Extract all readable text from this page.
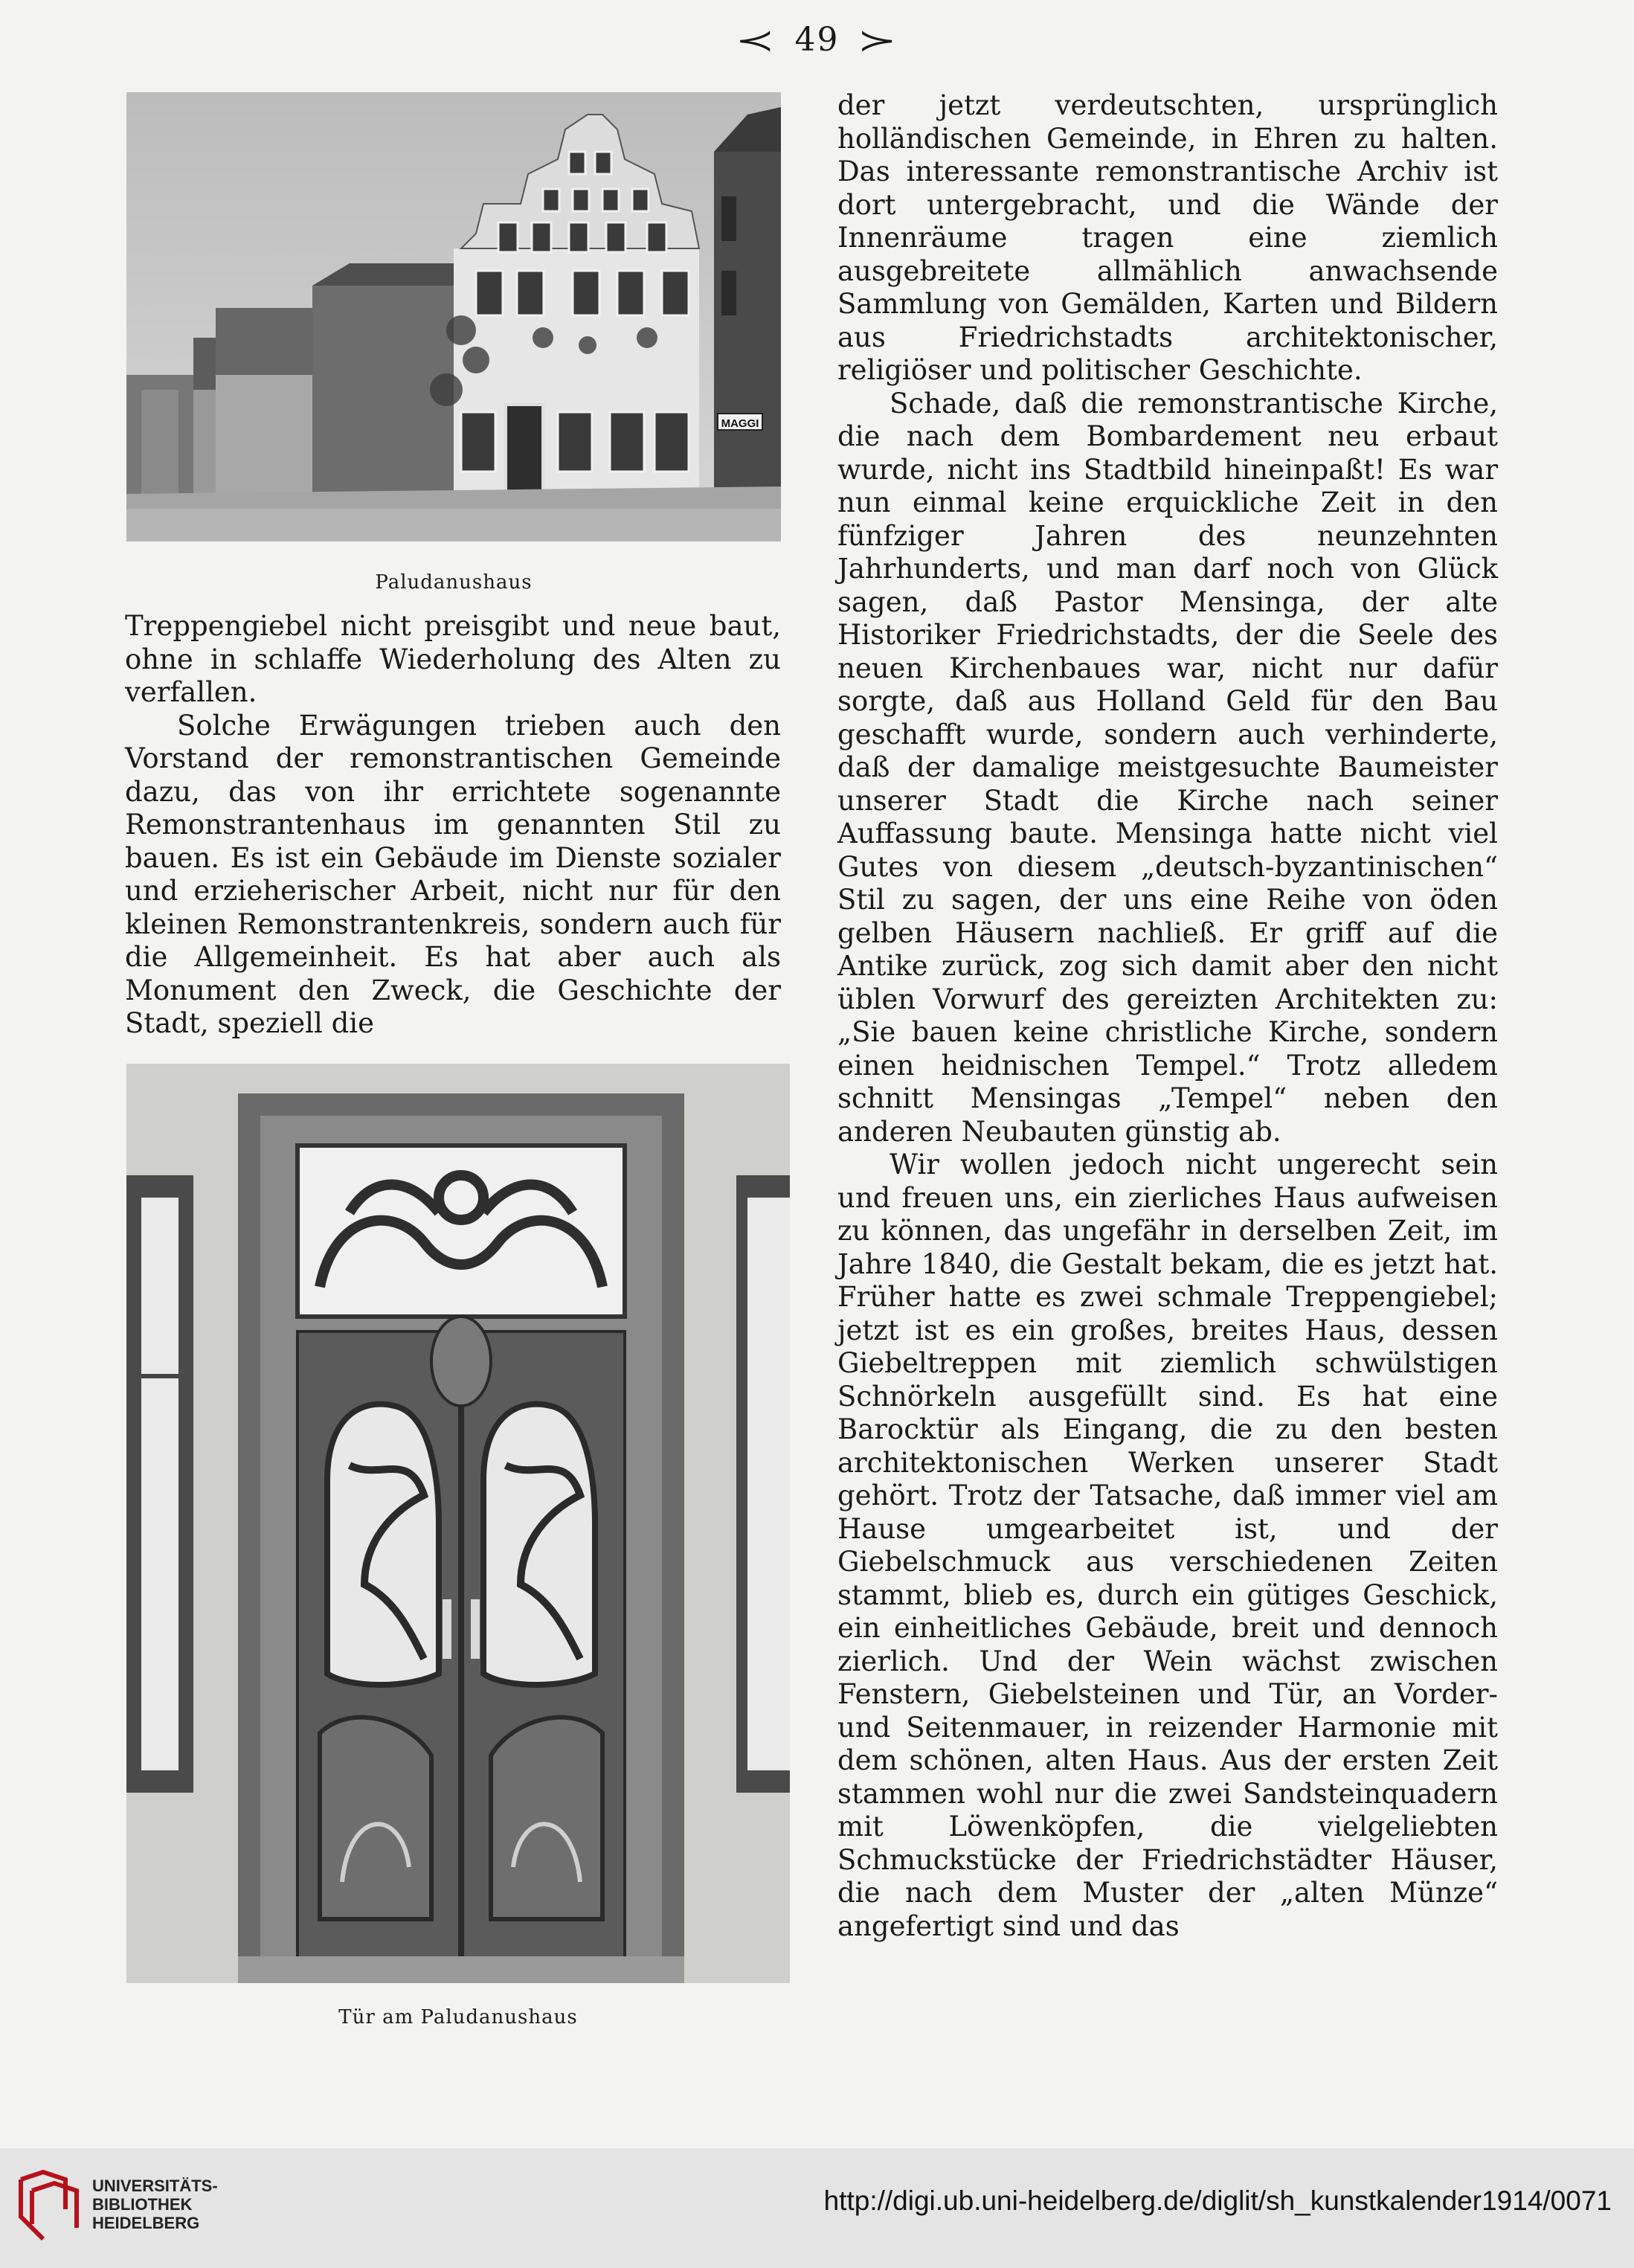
≺ 49 ≻
MAGGI
Paludanushaus

Treppengiebel nicht preisgibt und neue baut, ohne in schlaffe Wiederholung des Alten zu verfallen.

Solche Erwägungen trieben auch den Vorstand der remonstrantischen Gemeinde dazu, das von ihr errichtete sogenannte Remonstrantenhaus im genannten Stil zu bauen. Es ist ein Gebäude im Dienste sozialer und erzieherischer Arbeit, nicht nur für den kleinen Remonstrantenkreis, sondern auch für die Allgemeinheit. Es hat aber auch als Monument den Zweck, die Geschichte der Stadt, speziell die

Tür am Paludanushaus

der jetzt verdeutschten, ursprünglich holländischen Gemeinde, in Ehren zu halten. Das interessante remonstrantische Archiv ist dort untergebracht, und die Wände der Innenräume tragen eine ziemlich ausgebreitete allmählich anwachsende Sammlung von Gemälden, Karten und Bildern aus Friedrichstadts architektonischer, religiöser und politischer Geschichte.

Schade, daß die remonstrantische Kirche, die nach dem Bombardement neu erbaut wurde, nicht ins Stadtbild hineinpaßt! Es war nun einmal keine erquickliche Zeit in den fünfziger Jahren des neunzehnten Jahrhunderts, und man darf noch von Glück sagen, daß Pastor Mensinga, der alte Historiker Friedrichstadts, der die Seele des neuen Kirchenbaues war, nicht nur dafür sorgte, daß aus Holland Geld für den Bau geschafft wurde, sondern auch verhinderte, daß der damalige meistgesuchte Baumeister unserer Stadt die Kirche nach seiner Auffassung baute. Mensinga hatte nicht viel Gutes von diesem „deutsch-byzantinischen“ Stil zu sagen, der uns eine Reihe von öden gelben Häusern nachließ. Er griff auf die Antike zurück, zog sich damit aber den nicht üblen Vorwurf des gereizten Architekten zu: „Sie bauen keine christliche Kirche, sondern einen heidnischen Tempel.“ Trotz alledem schnitt Mensingas „Tempel“ neben den anderen Neubauten günstig ab.

Wir wollen jedoch nicht ungerecht sein und freuen uns, ein zierliches Haus aufweisen zu können, das ungefähr in derselben Zeit, im Jahre 1840, die Gestalt bekam, die es jetzt hat. Früher hatte es zwei schmale Treppengiebel; jetzt ist es ein großes, breites Haus, dessen Giebeltreppen mit ziemlich schwülstigen Schnörkeln ausgefüllt sind. Es hat eine Barocktür als Eingang, die zu den besten architektonischen Werken unserer Stadt gehört. Trotz der Tatsache, daß immer viel am Hause umgearbeitet ist, und der Giebelschmuck aus verschiedenen Zeiten stammt, blieb es, durch ein gütiges Geschick, ein einheitliches Gebäude, breit und dennoch zierlich. Und der Wein wächst zwischen Fenstern, Giebelsteinen und Tür, an Vorder- und Seitenmauer, in reizender Harmonie mit dem schönen, alten Haus. Aus der ersten Zeit stammen wohl nur die zwei Sandsteinquadern mit Löwenköpfen, die vielgeliebten Schmuckstücke der Friedrichstädter Häuser, die nach dem Muster der „alten Münze“ angefertigt sind und das

UNIVERSITÄTS-
BIBLIOTHEK
HEIDELBERG
http://digi.ub.uni-heidelberg.de/diglit/sh_kunstkalender1914/0071
